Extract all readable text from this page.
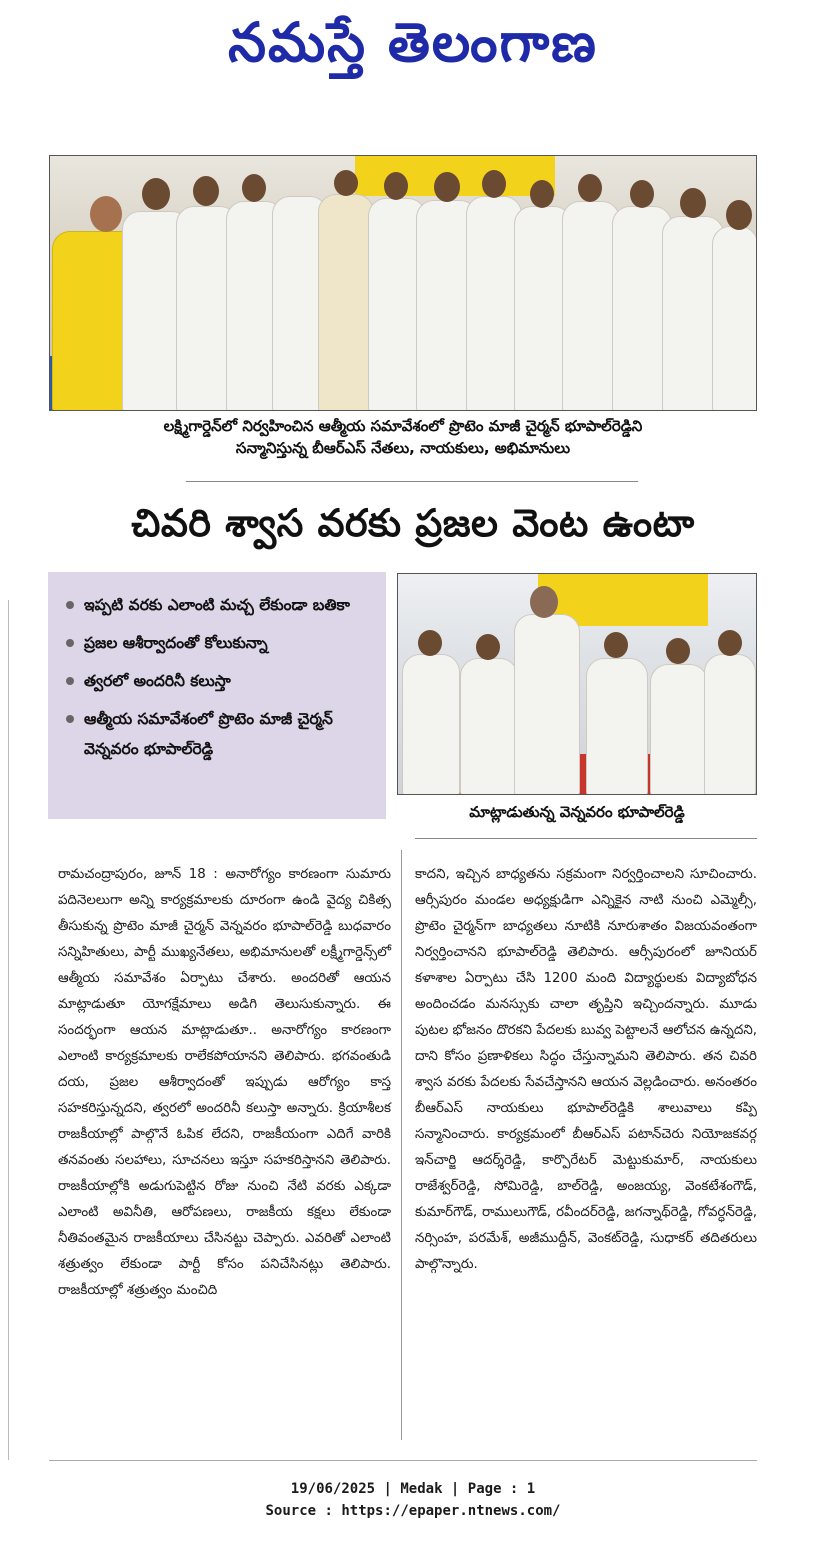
నమస్తే తెలంగాణ
లక్ష్మిగార్డెన్‌లో నిర్వహించిన ఆత్మీయ సమావేశంలో ప్రొటెం మాజీ చైర్మన్ భూపాల్‌రెడ్డిని
సన్మానిస్తున్న బీఆర్‌ఎస్ నేతలు, నాయకులు, అభిమానులు
చివరి శ్వాస వరకు ప్రజల వెంట ఉంటా
ఇప్పటి వరకు ఎలాంటి మచ్చ లేకుండా బతికా
ప్రజల ఆశీర్వాదంతో కోలుకున్నా
త్వరలో అందరినీ కలుస్తా
ఆత్మీయ సమావేశంలో ప్రొటెం మాజీ చైర్మన్ వెన్నవరం భూపాల్‌రెడ్డి
మాట్లాడుతున్న వెన్నవరం భూపాల్‌రెడ్డి
రామచంద్రాపురం, జూన్ 18 : అనారోగ్యం కారణంగా సుమారు పదినెలలుగా అన్ని కార్యక్రమాలకు దూరంగా ఉండి వైద్య చికిత్స తీసుకున్న ప్రొటెం మాజీ చైర్మన్ వెన్నవరం భూపాల్‌రెడ్డి బుధవారం సన్నిహితులు, పార్టీ ముఖ్యనేతలు, అభిమానులతో లక్ష్మీగార్డెన్స్‌లో ఆత్మీయ సమావేశం ఏర్పాటు చేశారు. అందరితో ఆయన మాట్లాడుతూ యోగక్షేమాలు అడిగి తెలుసుకున్నారు. ఈ సందర్భంగా ఆయన మాట్లాడుతూ.. అనారోగ్యం కారణంగా ఎలాంటి కార్యక్రమాలకు రాలేకపోయానని తెలిపారు. భగవంతుడి దయ, ప్రజల ఆశీర్వాదంతో ఇప్పుడు ఆరోగ్యం కాస్త సహకరిస్తున్నదని, త్వరలో అందరినీ కలుస్తా అన్నారు. క్రియాశీలక రాజకీయాల్లో పాల్గొనే ఓపిక లేదని, రాజకీయంగా ఎదిగే వారికి తనవంతు సలహాలు, సూచనలు ఇస్తూ సహకరిస్తానని తెలిపారు. రాజకీయాల్లోకి అడుగుపెట్టిన రోజు నుంచి నేటి వరకు ఎక్కడా ఎలాంటి అవినీతి, ఆరోపణలు, రాజకీయ కక్షలు లేకుండా నీతివంతమైన రాజకీయాలు చేసినట్టు చెప్పారు. ఎవరితో ఎలాంటి శత్రుత్వం లేకుండా పార్టీ కోసం పనిచేసినట్లు తెలిపారు. రాజకీయాల్లో శత్రుత్వం మంచిది
కాదని, ఇచ్చిన బాధ్యతను సక్రమంగా నిర్వర్తించాలని సూచించారు. ఆర్సీపురం మండల అధ్యక్షుడిగా ఎన్నికైన నాటి నుంచి ఎమ్మెల్సీ, ప్రొటెం చైర్మన్‌గా బాధ్యతలు నూటికి నూరుశాతం విజయవంతంగా నిర్వర్తించానని భూపాల్‌రెడ్డి తెలిపారు. ఆర్సీపురంలో జూనియర్ కళాశాల ఏర్పాటు చేసి 1200 మంది విద్యార్థులకు విద్యాబోధన అందించడం మనస్సుకు చాలా తృప్తిని ఇచ్చిందన్నారు. మూడు పుటల భోజనం దొరకని పేదలకు బువ్వ పెట్టాలనే ఆలోచన ఉన్నదని, దాని కోసం ప్రణాళికలు సిద్ధం చేస్తున్నామని తెలిపారు. తన చివరి శ్వాస వరకు పేదలకు సేవచేస్తానని ఆయన వెల్లడించారు. అనంతరం బీఆర్‌ఎస్ నాయకులు భూపాల్‌రెడ్డికి శాలువాలు కప్పి సన్మానించారు. కార్యక్రమంలో బీఆర్‌ఎస్ పటాన్‌చెరు నియోజకవర్గ ఇన్‌చార్జి ఆదర్శ్‌రెడ్డి, కార్పొరేటర్ మెట్టుకుమార్, నాయకులు రాజేశ్వర్‌రెడ్డి, సోమిరెడ్డి, బాల్‌రెడ్డి, అంజయ్య, వెంకటేశంగౌడ్, కుమార్‌గౌడ్, రాములుగౌడ్, రవీందర్‌రెడ్డి, జగన్నాథ్‌రెడ్డి, గోవర్ధన్‌రెడ్డి, నర్సింహ, పరమేశ్, అజీముద్దీన్, వెంకట్‌రెడ్డి, సుధాకర్ తదితరులు పాల్గొన్నారు.
19/06/2025 | Medak | Page : 1
Source : https://epaper.ntnews.com/
